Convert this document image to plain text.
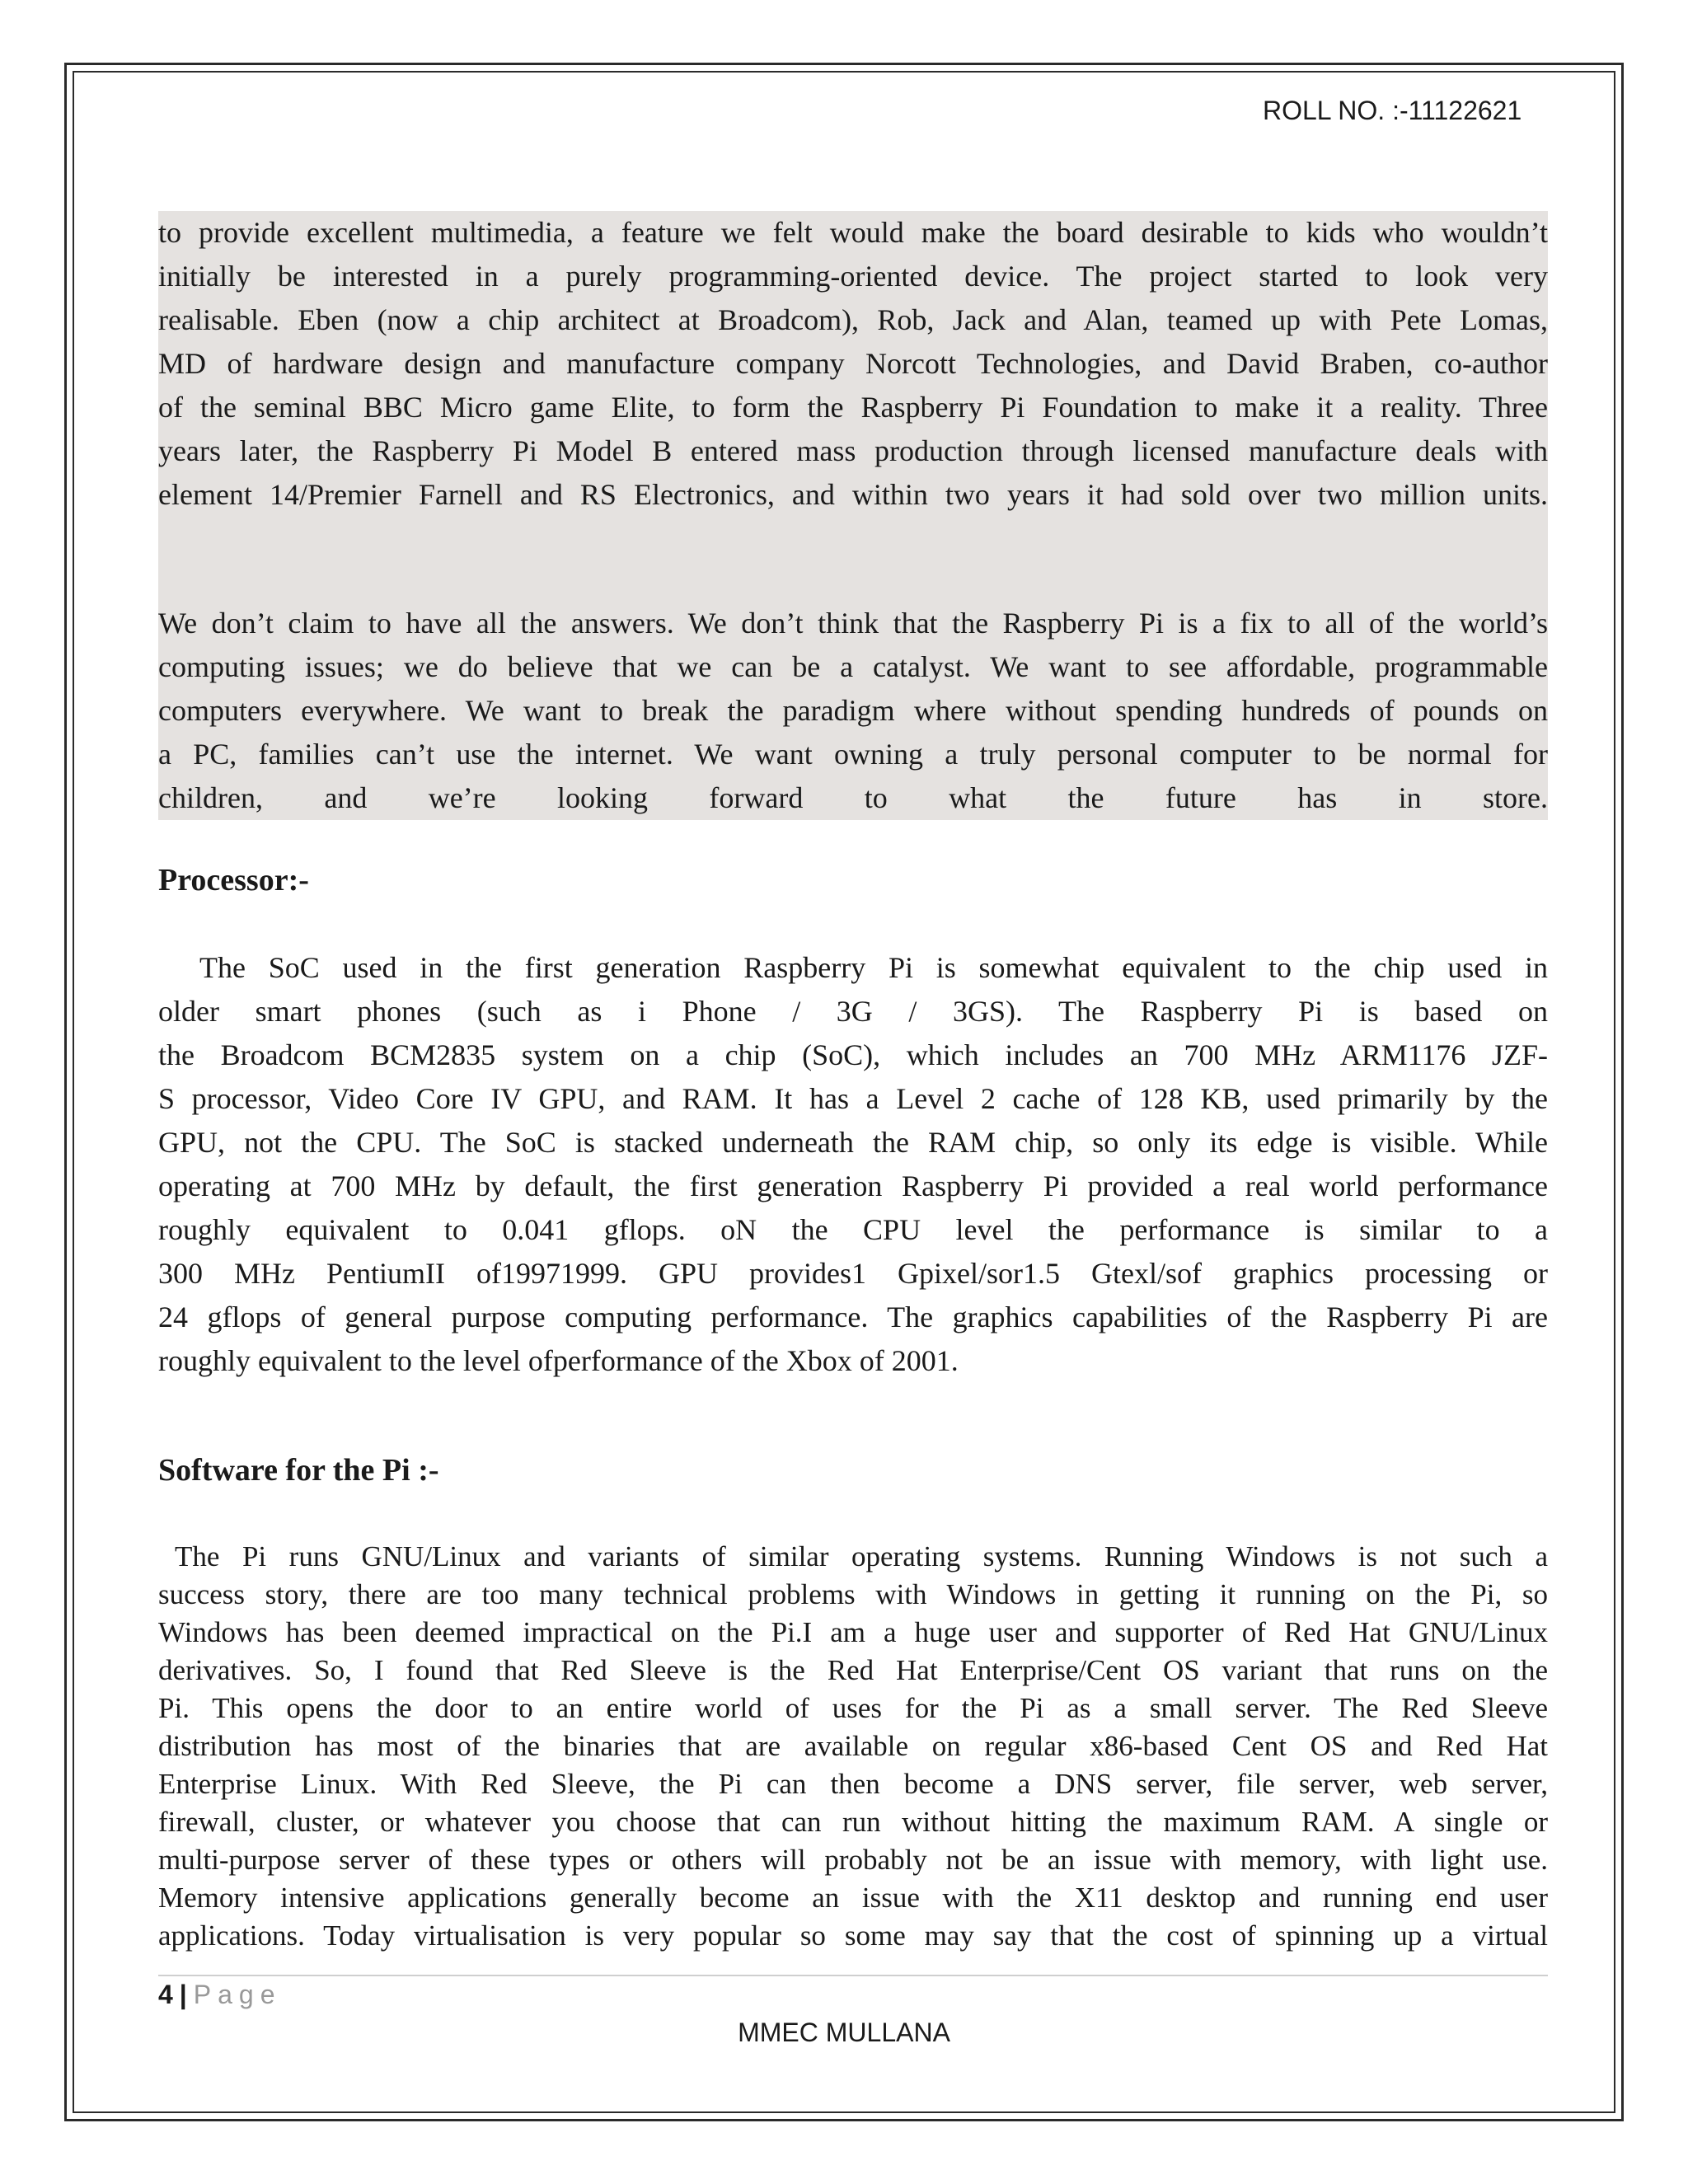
ROLL NO. :-11122621
to provide excellent multimedia, a feature we felt would make the board desirable to kids who wouldn’t
initially be interested in a purely programming-oriented device. The project started to look very
realisable. Eben (now a chip architect at Broadcom), Rob, Jack and Alan, teamed up with Pete Lomas,
MD of hardware design and manufacture company Norcott Technologies, and David Braben, co-author
of the seminal BBC Micro game Elite, to form the Raspberry Pi Foundation to make it a reality. Three
years later, the Raspberry Pi Model B entered mass production through licensed manufacture deals with
element 14/Premier Farnell and RS Electronics, and within two years it had sold over two million units.
We don’t claim to have all the answers. We don’t think that the Raspberry Pi is a fix to all of the world’s
computing issues; we do believe that we can be a catalyst. We want to see affordable, programmable
computers everywhere. We want to break the paradigm where without spending hundreds of pounds on
a PC, families can’t use the internet. We want owning a truly personal computer to be normal for
children, and we’re looking forward to what the future has in store.
Processor:-
The SoC used in the first generation Raspberry Pi is somewhat equivalent to the chip used in
older smart phones (such as i Phone / 3G / 3GS). The Raspberry Pi is based on
the Broadcom BCM2835 system on a chip (SoC), which includes an 700 MHz ARM1176 JZF-
S processor, Video Core IV GPU, and RAM. It has a Level 2 cache of 128 KB, used primarily by the
GPU, not the CPU. The SoC is stacked underneath the RAM chip, so only its edge is visible. While
operating at 700 MHz by default, the first generation Raspberry Pi provided a real world performance
roughly equivalent to 0.041 gflops. oN the CPU level the performance is similar to a
300 MHz PentiumII of19971999. GPU provides1 Gpixel/sor1.5 Gtexl/sof graphics processing or
24 gflops of general purpose computing performance. The graphics capabilities of the Raspberry Pi are
roughly equivalent to the level ofperformance of the Xbox of 2001.
Software for the Pi :-
The Pi runs GNU/Linux and variants of similar operating systems. Running Windows is not such a
success story, there are too many technical problems with Windows in getting it running on the Pi, so
Windows has been deemed impractical on the Pi.I am a huge user and supporter of Red Hat GNU/Linux
derivatives. So, I found that Red Sleeve is the Red Hat Enterprise/Cent OS variant that runs on the
Pi. This opens the door to an entire world of uses for the Pi as a small server. The Red Sleeve
distribution has most of the binaries that are available on regular x86-based Cent OS and Red Hat
Enterprise Linux. With Red Sleeve, the Pi can then become a DNS server, file server, web server,
firewall, cluster, or whatever you choose that can run without hitting the maximum RAM. A single or
multi-purpose server of these types or others will probably not be an issue with memory, with light use.
Memory intensive applications generally become an issue with the X11 desktop and running end user
applications. Today virtualisation is very popular so some may say that the cost of spinning up a virtual
4 | Page
MMEC MULLANA
